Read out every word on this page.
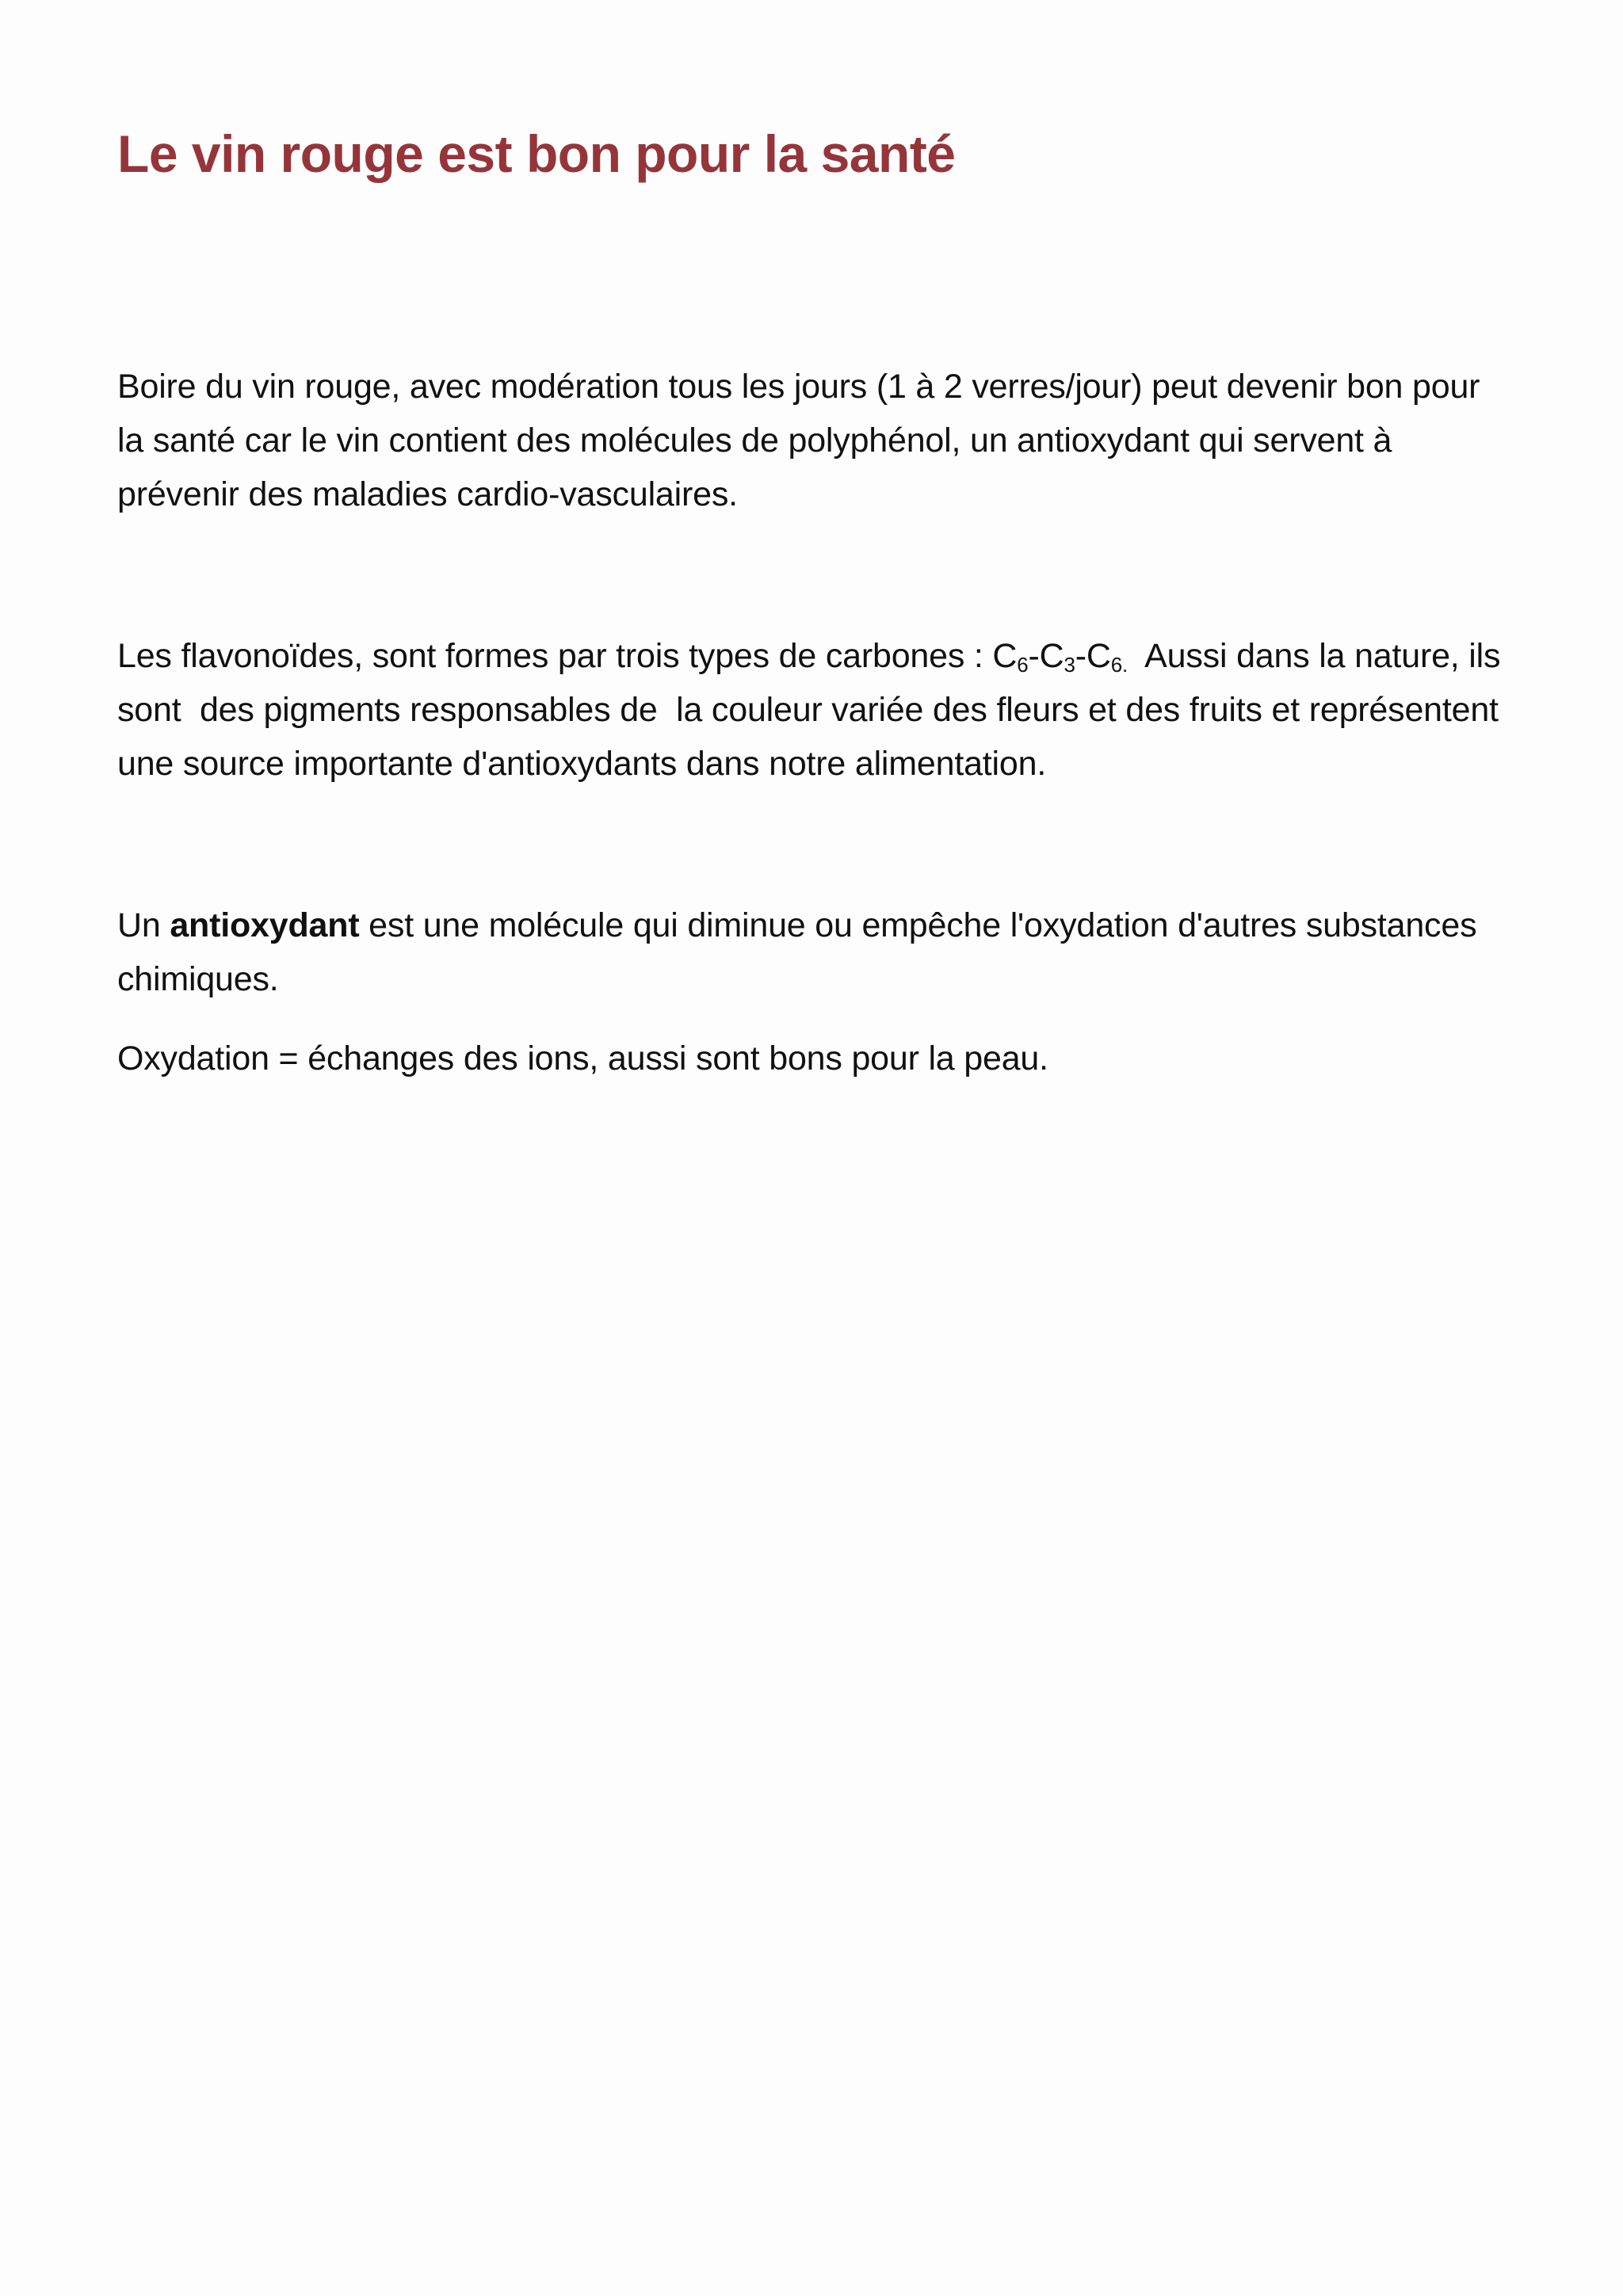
Le vin rouge est bon pour la santé

Boire du vin rouge, avec modération tous les jours (1 à 2 verres/jour) peut devenir bon pour la santé car le vin contient des molécules de polyphénol, un antioxydant qui servent à prévenir des maladies cardio-vasculaires.

Les flavonoïdes, sont formes par trois types de carbones : $C_6-C_3-C_{6.}$  Aussi dans la nature, ils sont  des pigments responsables de  la couleur variée des fleurs et des fruits et représentent une source importante d'antioxydants dans notre alimentation.

Un antioxydant est une molécule qui diminue ou empêche l'oxydation d'autres substances chimiques.

Oxydation = échanges des ions, aussi sont bons pour la peau.
